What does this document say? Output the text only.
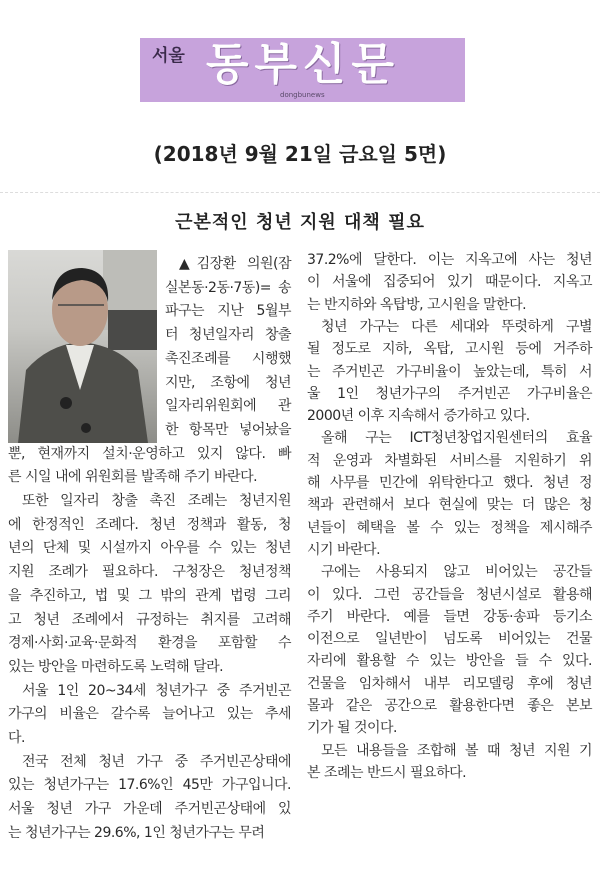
서울 동부신문
dongbunews
(2018년 9월 21일 금요일 5면)
근본적인 청년 지원 대책 필요
▲김장환 의원(잠
실본동·2동·7동)= 송
파구는 지난 5월부
터 청년일자리 창출
촉진조례를 시행했
지만, 조항에 청년
일자리위원회에 관
한 항목만 넣어놨을
뿐, 현재까지 설치·운영하고 있지 않다. 빠
른 시일 내에 위원회를 발족해 주기 바란다.
또한 일자리 창출 촉진 조례는 청년지원
에 한정적인 조례다. 청년 정책과 활동, 청
년의 단체 및 시설까지 아우를 수 있는 청년
지원 조례가 필요하다. 구청장은 청년정책
을 추진하고, 법 및 그 밖의 관계 법령 그리
고 청년 조례에서 규정하는 취지를 고려해
경제·사회·교육·문화적 환경을 포함할 수
있는 방안을 마련하도록 노력해 달라.
서울 1인 20~34세 청년가구 중 주거빈곤
가구의 비율은 갈수록 늘어나고 있는 추세
다.
전국 전체 청년 가구 중 주거빈곤상태에
있는 청년가구는 17.6%인 45만 가구입니다.
서울 청년 가구 가운데 주거빈곤상태에 있
는 청년가구는 29.6%, 1인 청년가구는 무려
37.2%에 달한다. 이는 지옥고에 사는 청년
이 서울에 집중되어 있기 때문이다. 지옥고
는 반지하와 옥탑방, 고시원을 말한다.
청년 가구는 다른 세대와 뚜렷하게 구별
될 정도로 지하, 옥탑, 고시원 등에 거주하
는 주거빈곤 가구비율이 높았는데, 특히 서
울 1인 청년가구의 주거빈곤 가구비율은
2000년 이후 지속해서 증가하고 있다.
올해 구는 ICT청년창업지원센터의 효율
적 운영과 차별화된 서비스를 지원하기 위
해 사무를 민간에 위탁한다고 했다. 청년 정
책과 관련해서 보다 현실에 맞는 더 많은 청
년들이 혜택을 볼 수 있는 정책을 제시해주
시기 바란다.
구에는 사용되지 않고 비어있는 공간들
이 있다. 그런 공간들을 청년시설로 활용해
주기 바란다. 예를 들면 강동·송파 등기소
이전으로 일년반이 넘도록 비어있는 건물
자리에 활용할 수 있는 방안을 들 수 있다.
건물을 임차해서 내부 리모델링 후에 청년
몰과 같은 공간으로 활용한다면 좋은 본보
기가 될 것이다.
모든 내용들을 조합해 볼 때 청년 지원 기
본 조례는 반드시 필요하다.
